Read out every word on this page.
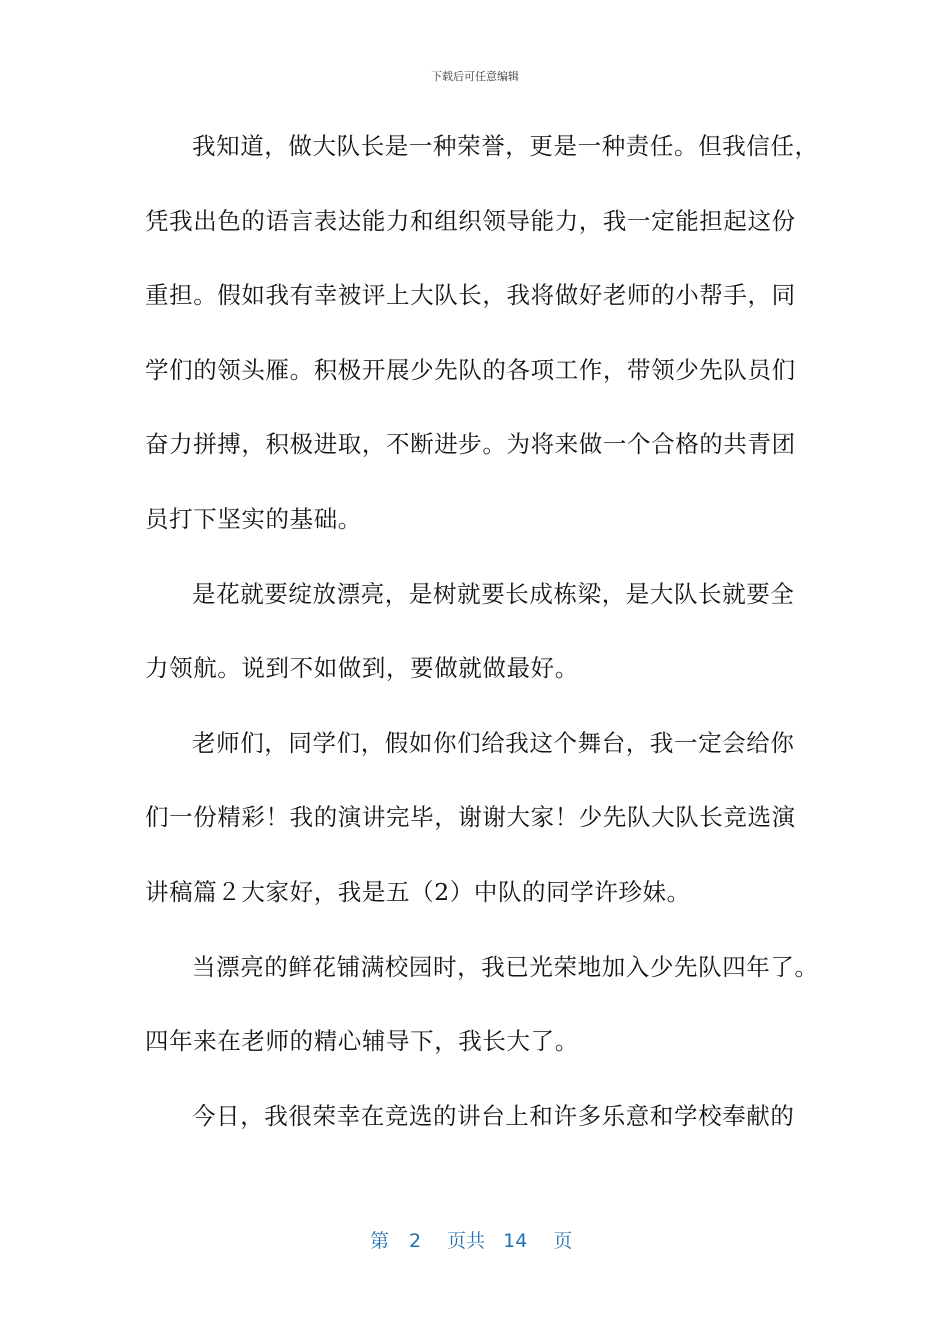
下载后可任意编辑
我知道，做大队长是一种荣誉，更是一种责任。但我信任，
凭我出色的语言表达能力和组织领导能力，我一定能担起这份
重担。假如我有幸被评上大队长，我将做好老师的小帮手，同
学们的领头雁。积极开展少先队的各项工作，带领少先队员们
奋力拼搏，积极进取，不断进步。为将来做一个合格的共青团
员打下坚实的基础。
是花就要绽放漂亮，是树就要长成栋梁，是大队长就要全
力领航。说到不如做到，要做就做最好。
老师们，同学们，假如你们给我这个舞台，我一定会给你
们一份精彩！我的演讲完毕，谢谢大家！少先队大队长竞选演
讲稿篇２大家好，我是五（2）中队的同学许珍妹。
当漂亮的鲜花铺满校园时，我已光荣地加入少先队四年了。
四年来在老师的精心辅导下，我长大了。
今日，我很荣幸在竞选的讲台上和许多乐意和学校奉献的
第 2 页共 14 页
